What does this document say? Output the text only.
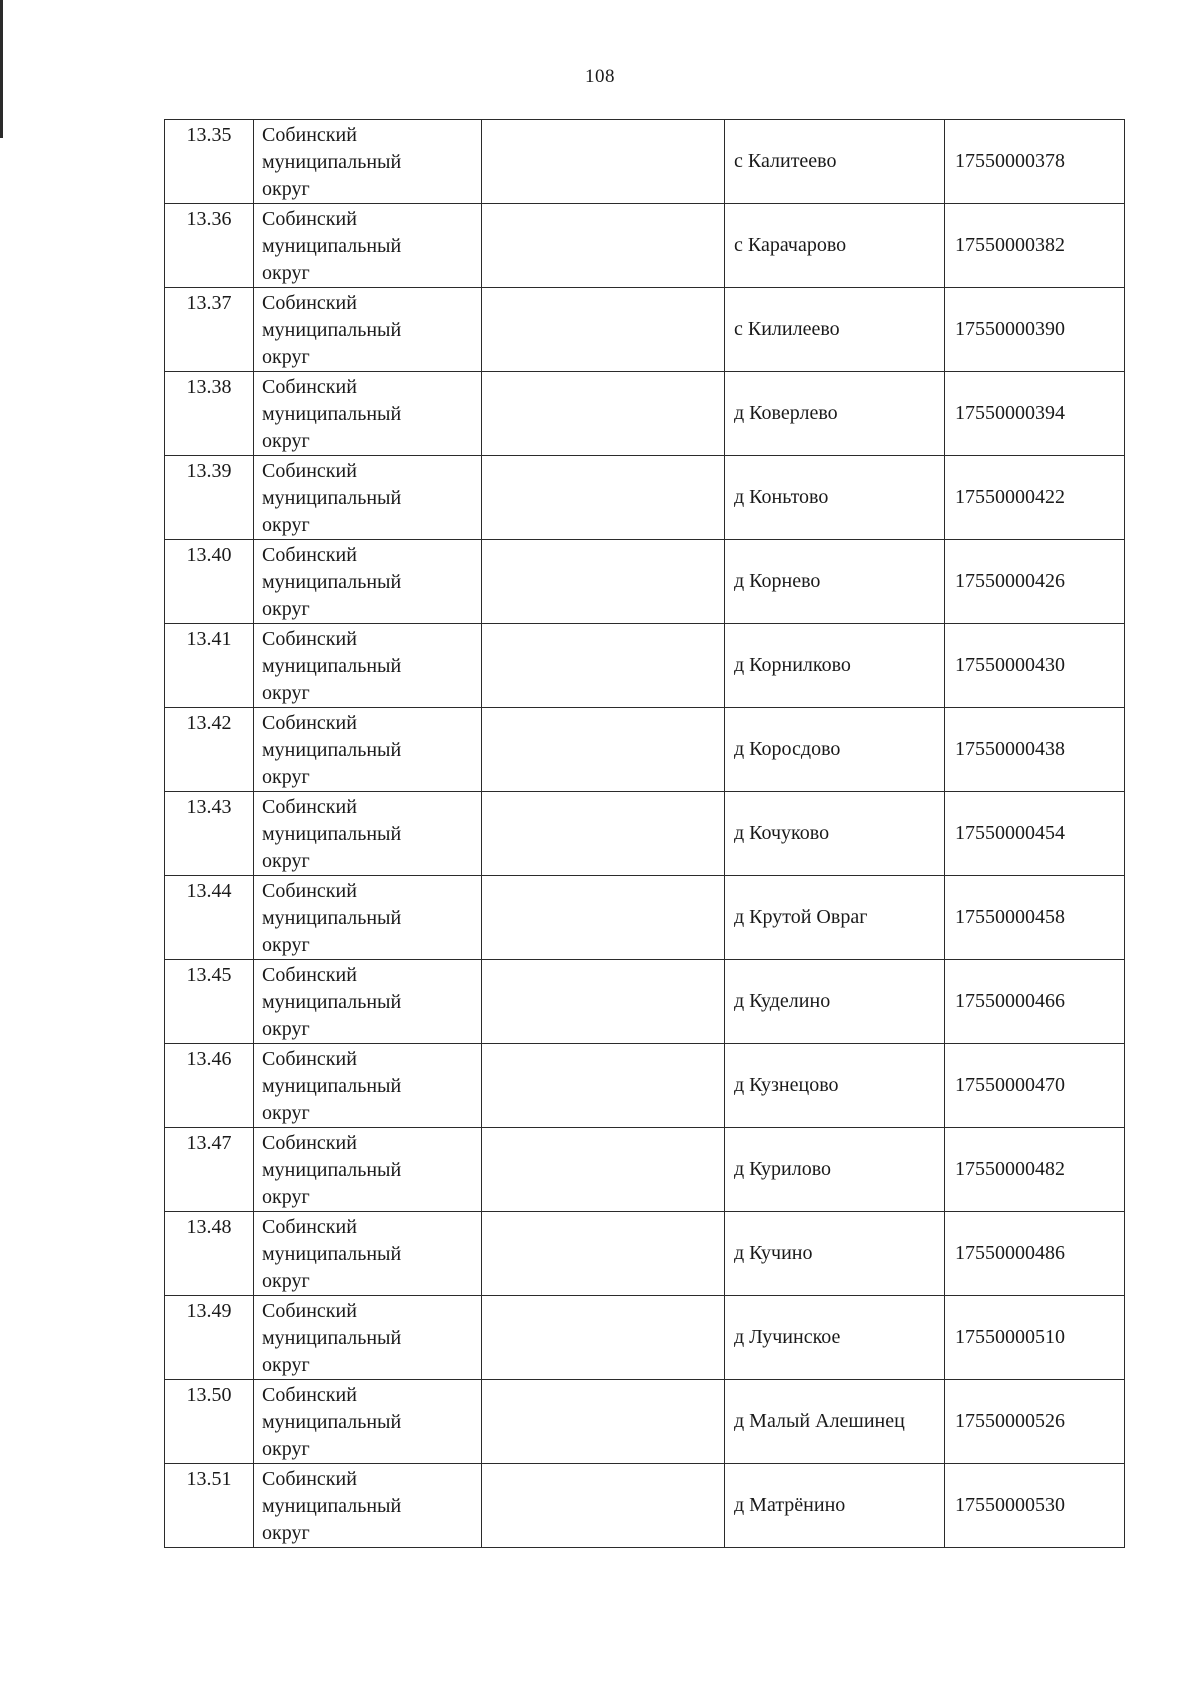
108
13.35	Собинский
муниципальный
округ		с Калитеево	17550000378
13.36	Собинский
муниципальный
округ		с Карачарово	17550000382
13.37	Собинский
муниципальный
округ		с Килилеево	17550000390
13.38	Собинский
муниципальный
округ		д Коверлево	17550000394
13.39	Собинский
муниципальный
округ		д Коньтово	17550000422
13.40	Собинский
муниципальный
округ		д Корнево	17550000426
13.41	Собинский
муниципальный
округ		д Корнилково	17550000430
13.42	Собинский
муниципальный
округ		д Коросдово	17550000438
13.43	Собинский
муниципальный
округ		д Кочуково	17550000454
13.44	Собинский
муниципальный
округ		д Крутой Овраг	17550000458
13.45	Собинский
муниципальный
округ		д Куделино	17550000466
13.46	Собинский
муниципальный
округ		д Кузнецово	17550000470
13.47	Собинский
муниципальный
округ		д Курилово	17550000482
13.48	Собинский
муниципальный
округ		д Кучино	17550000486
13.49	Собинский
муниципальный
округ		д Лучинское	17550000510
13.50	Собинский
муниципальный
округ		д Малый Алешинец	17550000526
13.51	Собинский
муниципальный
округ		д Матрёнино	17550000530
